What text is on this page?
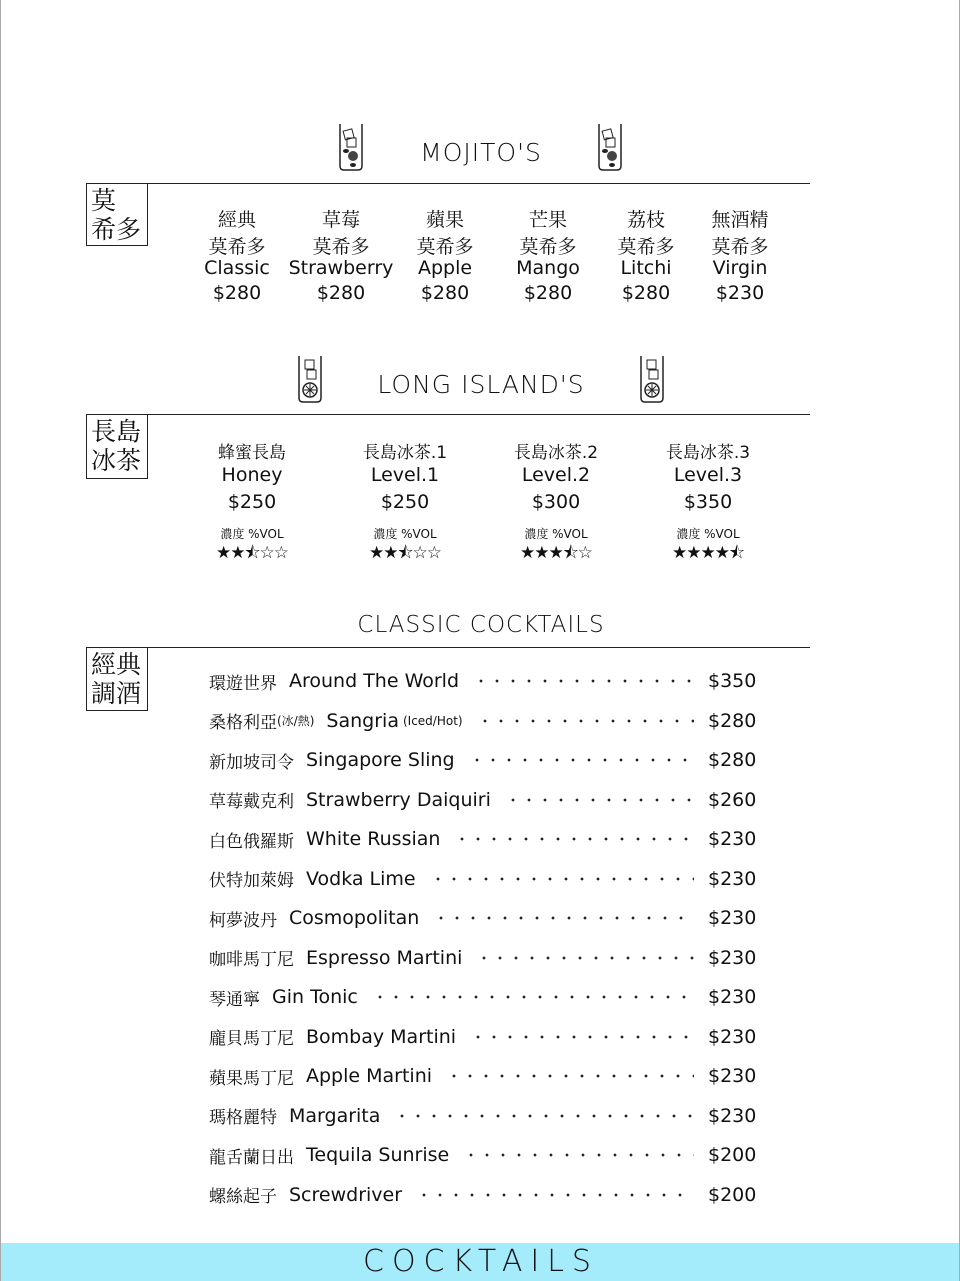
MOJITO'S
莫
希多
LONG ISLAND'S
長島
冰茶
CLASSIC COCKTAILS
經典
調酒
COCKTAILS
經典
莫希多
Classic
$280
草莓
莫希多
Strawberry
$280
蘋果
莫希多
Apple
$280
芒果
莫希多
Mango
$280
荔枝
莫希多
Litchi
$280
無酒精
莫希多
Virgin
$230
蜂蜜長島
Honey
$250
濃度 %VOL
★★⯪☆☆
長島冰茶.1
Level.1
$250
濃度 %VOL
★★⯪☆☆
長島冰茶.2
Level.2
$300
濃度 %VOL
★★★⯪☆
長島冰茶.3
Level.3
$350
濃度 %VOL
★★★★⯪
環遊世界 Around The World	$350
桑格利亞 (冰/熱) Sangria (Iced/Hot)	$280
新加坡司令 Singapore Sling	$280
草莓戴克利 Strawberry Daiquiri	$260
白色俄羅斯 White Russian	$230
伏特加萊姆 Vodka Lime	$230
柯夢波丹 Cosmopolitan	$230
咖啡馬丁尼 Espresso Martini	$230
琴通寧 Gin Tonic	$230
龐貝馬丁尼 Bombay Martini	$230
蘋果馬丁尼 Apple Martini	$230
瑪格麗特 Margarita	$230
龍舌蘭日出 Tequila Sunrise	$200
螺絲起子 Screwdriver	$200
